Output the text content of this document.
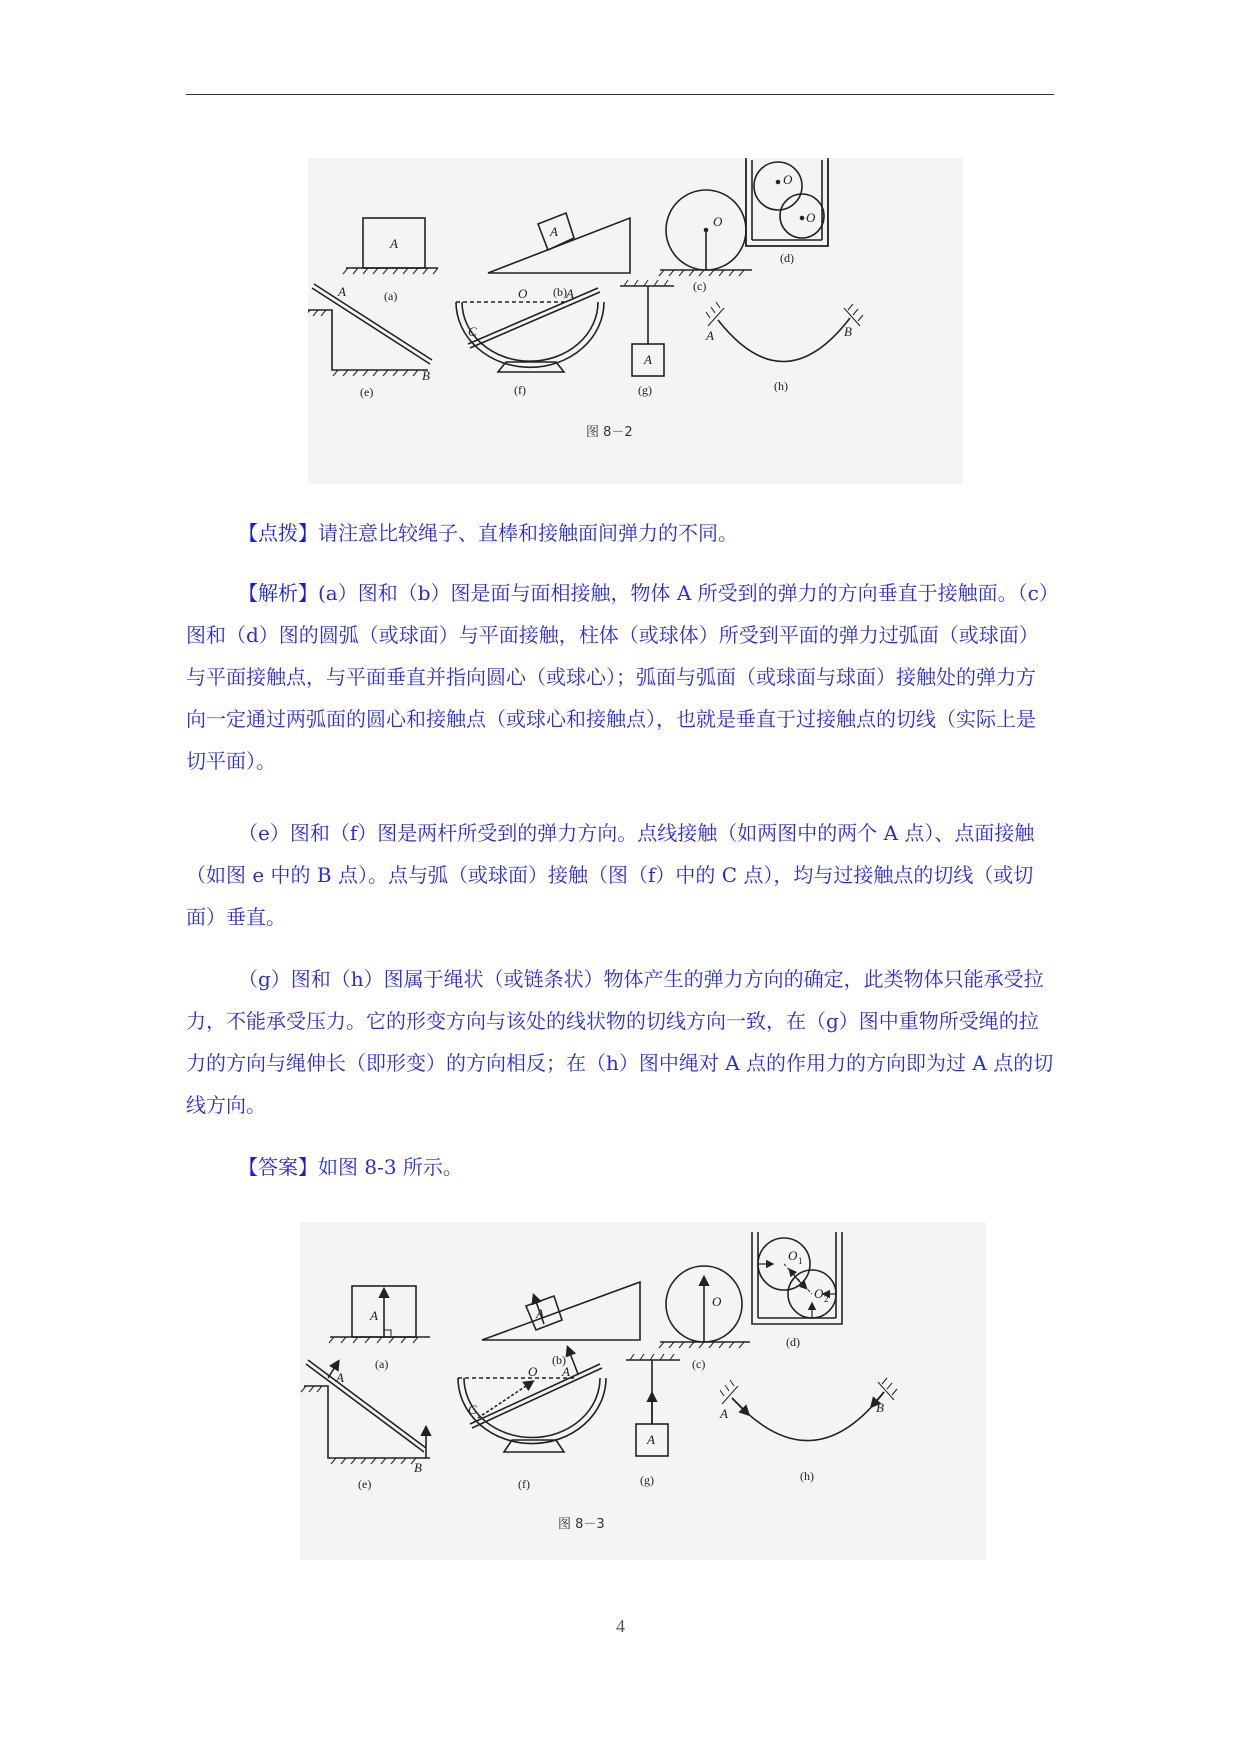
A
(a)
A
(b)
O
(c)
O
O
(d)
A
B
(e)
O	A
C
(f)
A
(g)
A	B
(h)
图 8－2

【点拨】请注意比较绳子、直棒和接触面间弹力的不同。

【解析】(a）图和（b）图是面与面相接触，物体 A 所受到的弹力的方向垂直于接触面。（c）图和（d）图的圆弧（或球面）与平面接触，柱体（或球体）所受到平面的弹力过弧面（或球面）与平面接触点，与平面垂直并指向圆心（或球心）；弧面与弧面（或球面与球面）接触处的弹力方向一定通过两弧面的圆心和接触点（或球心和接触点），也就是垂直于过接触点的切线（实际上是切平面）。

（e）图和（f）图是两杆所受到的弹力方向。点线接触（如两图中的两个 A 点）、点面接触（如图 e 中的 B 点）。点与弧（或球面）接触（图（f）中的 C 点），均与过接触点的切线（或切面）垂直。

（g）图和（h）图属于绳状（或链条状）物体产生的弹力方向的确定，此类物体只能承受拉力，不能承受压力。它的形变方向与该处的线状物的切线方向一致，在（g）图中重物所受绳的拉力的方向与绳伸长（即形变）的方向相反；在（h）图中绳对 A 点的作用力的方向即为过 A 点的切线方向。

【答案】如图 8-3 所示。

A
(a)
A
(b)
O
(c)
O 1
O 2
(d)
A
B
(e)
O A
C
(f)
A
(g)
A	B
(h)
图 8－3
4
